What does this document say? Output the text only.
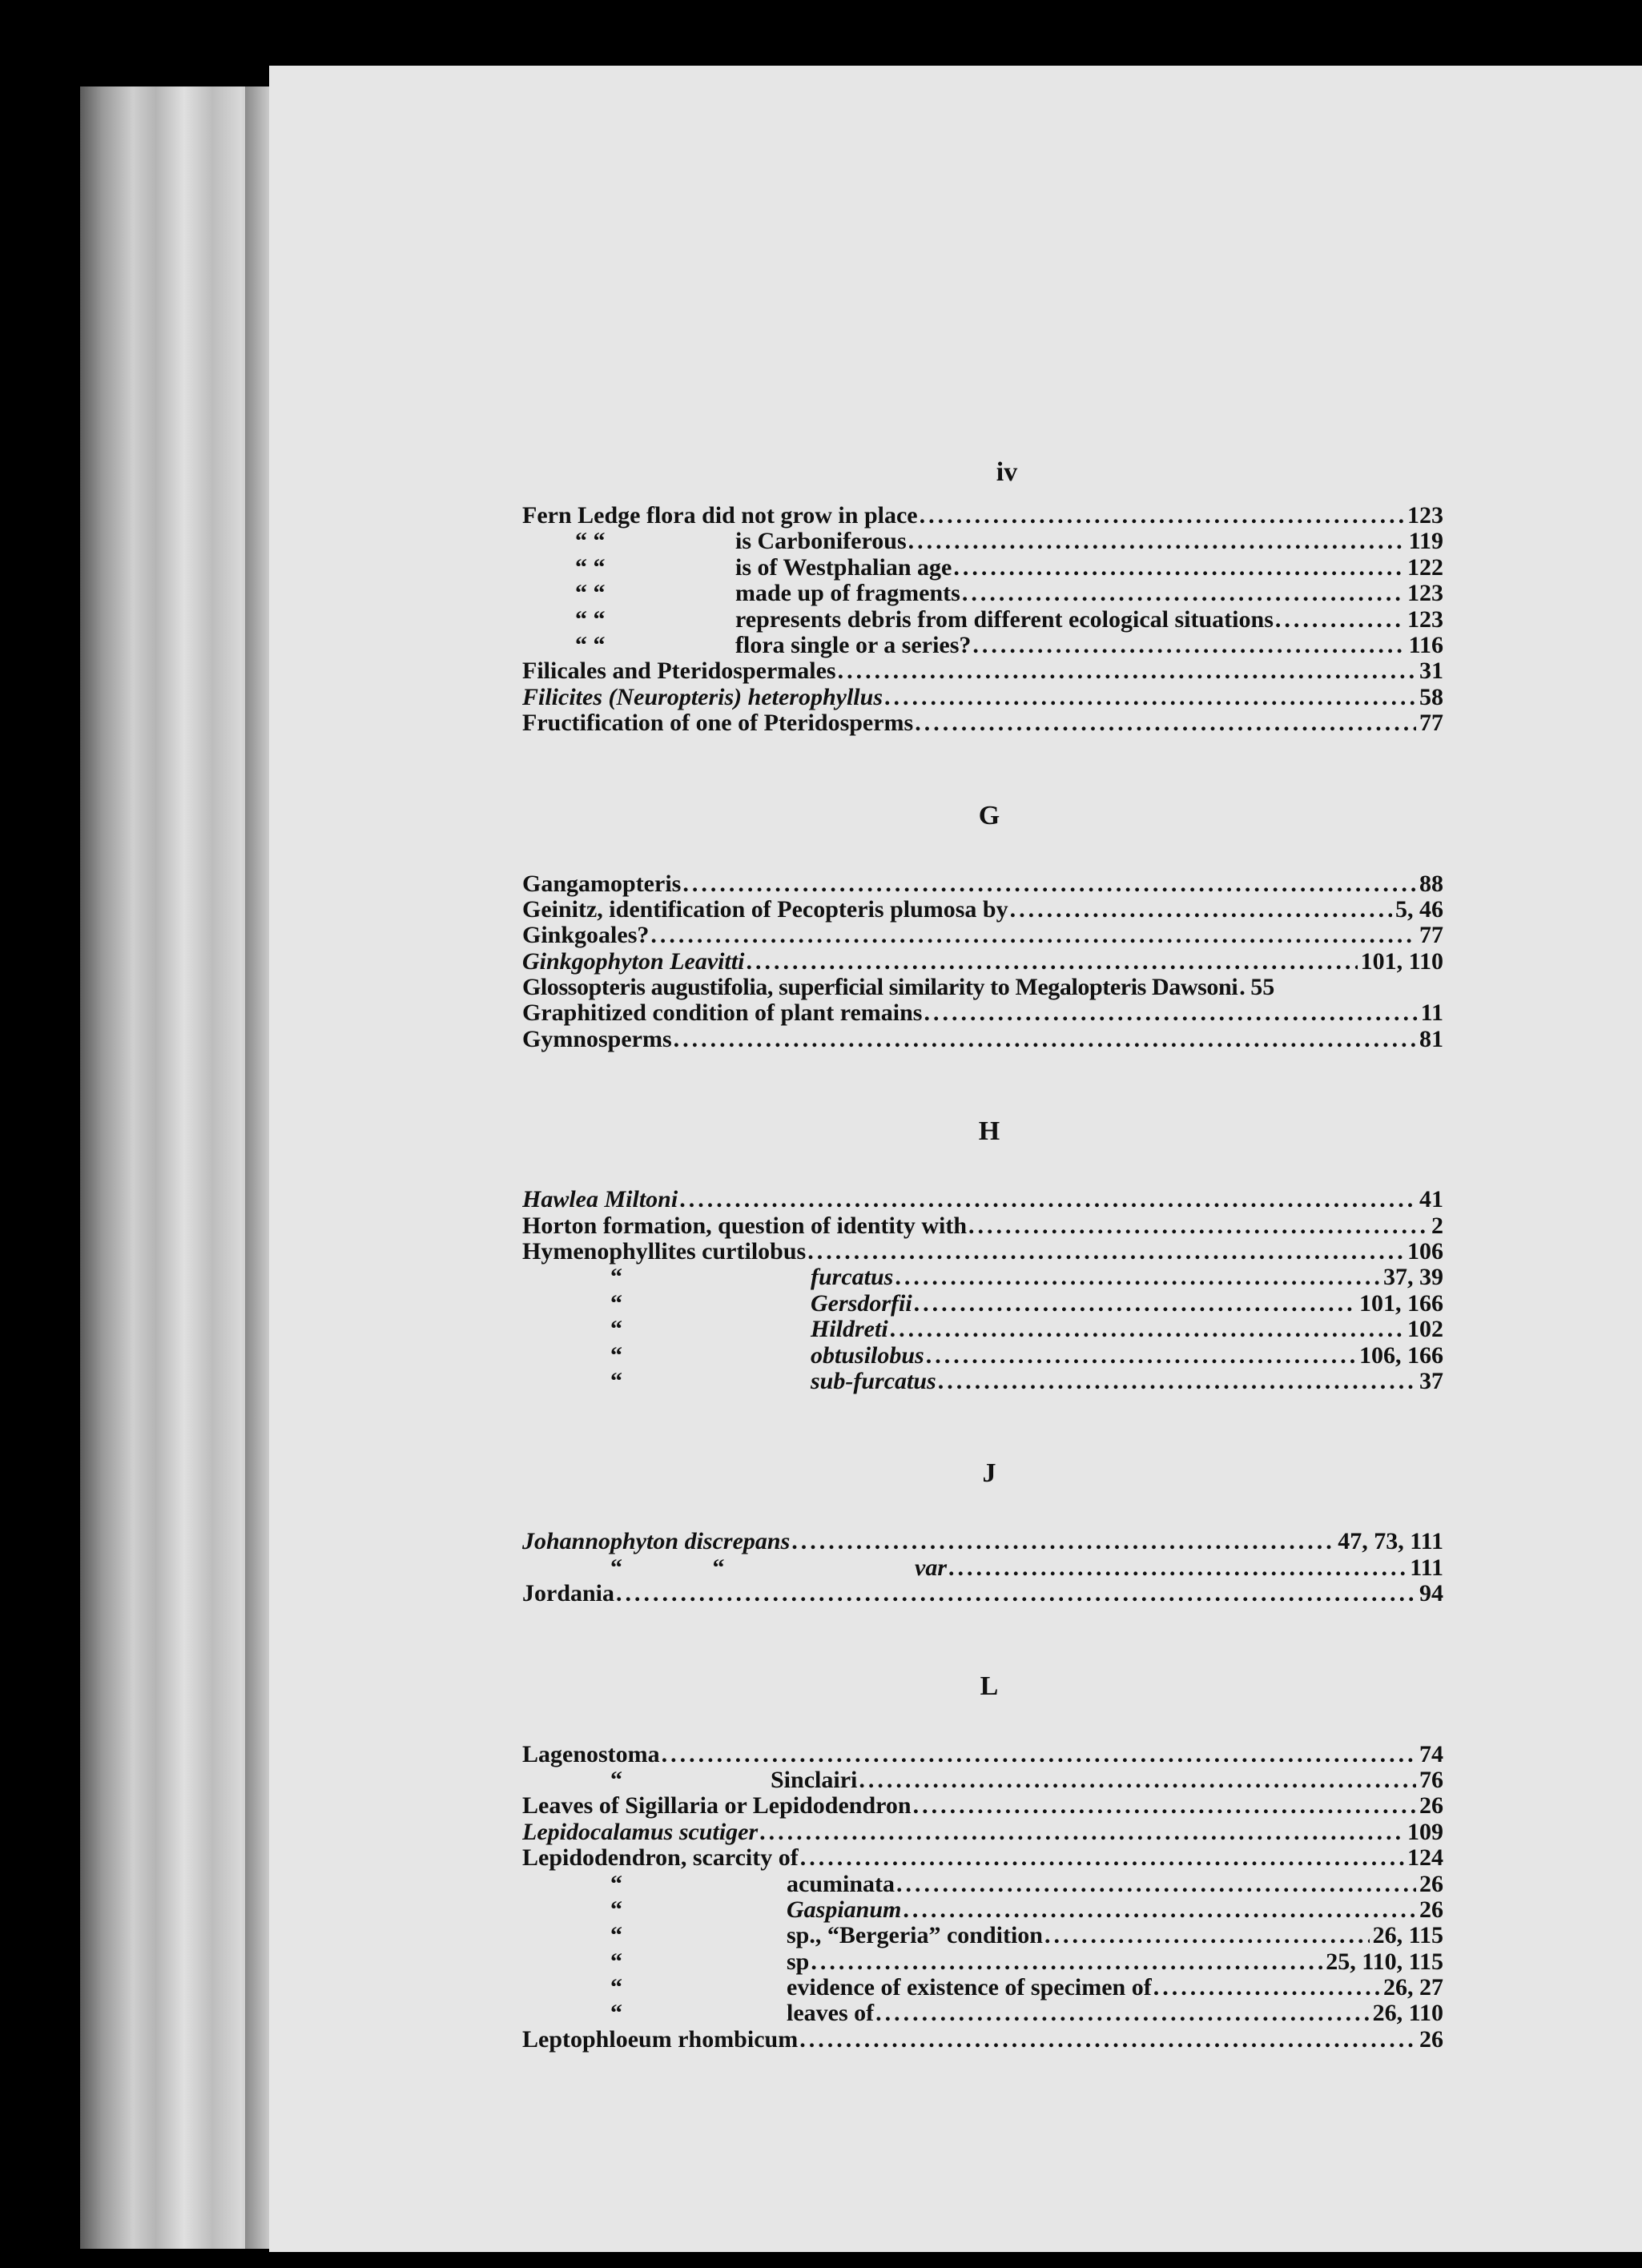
iv
Fern Ledge flora did not grow in place .....	123
“ “	is Carboniferous .....	119
“ “	is of Westphalian age .....	122
“ “	made up of fragments .....	123
“ “	represents debris from different ecological situations .....	123
“ “	flora single or a series? .....	116
Filicales and Pteridospermales .....	31
Filicites (Neuropteris) heterophyllus .....	58
Fructification of one of Pteridosperms .....	77
G
Gangamopteris .....	88
Geinitz, identification of Pecopteris plumosa by .....	5, 46
Ginkgoales? .....	77
Ginkgophyton Leavitti .....	101, 110
Glossopteris augustifolia, superficial similarity to Megalopteris Dawsoni ..... 55
Graphitized condition of plant remains .....	11
Gymnosperms .....	81
H
Hawlea Miltoni .....	41
Horton formation, question of identity with .....	2
Hymenophyllites curtilobus .....	106
“	furcatus .....	37, 39
“	Gersdorfii .....	101, 166
“	Hildreti .....	102
“	obtusilobus .....	106, 166
“	sub-furcatus .....	37
J
Johannophyton discrepans .....	47, 73, 111
“               “	var .....	111
Jordania .....	94
L
Lagenostoma .....	74
“	Sinclairi .....	76
Leaves of Sigillaria or Lepidodendron .....	26
Lepidocalamus scutiger .....	109
Lepidodendron, scarcity of .....	124
“	acuminata .....	26
“	Gaspianum .....	26
“	sp., “Bergeria” condition .....	26, 115
“	sp .....	25, 110, 115
“	evidence of existence of specimen of .....	26, 27
“	leaves of .....	26, 110
Leptophloeum rhombicum .....	26
